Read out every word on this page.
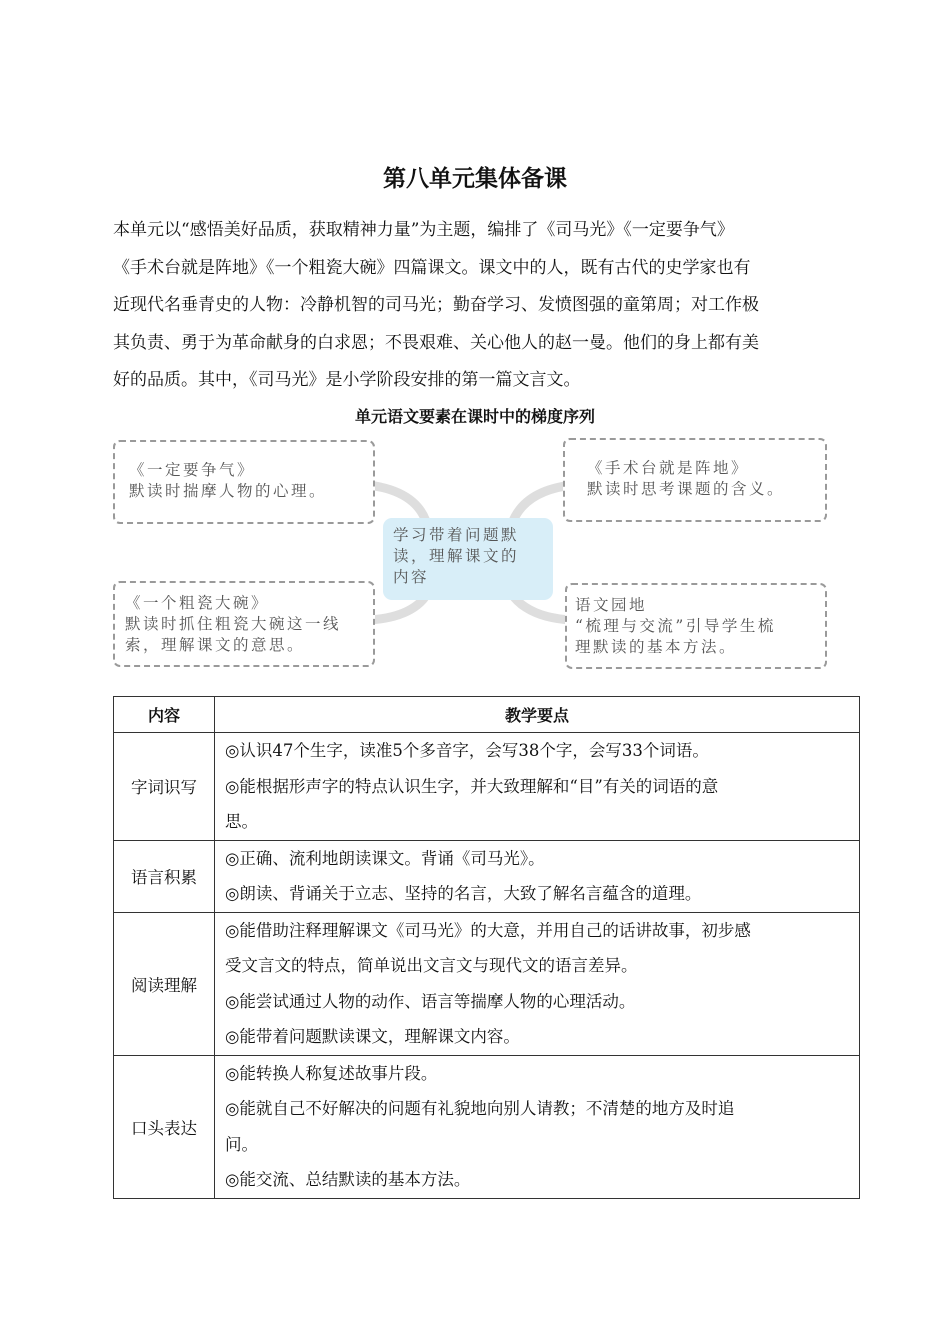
第八单元集体备课
本单元以“感悟美好品质，获取精神力量”为主题，编排了《司马光》《一定要争气》
《手术台就是阵地》《一个粗瓷大碗》四篇课文。课文中的人，既有古代的史学家也有
近现代名垂青史的人物：冷静机智的司马光；勤奋学习、发愤图强的童第周；对工作极
其负责、勇于为革命献身的白求恩；不畏艰难、关心他人的赵一曼。他们的身上都有美
好的品质。其中，《司马光》是小学阶段安排的第一篇文言文。
单元语文要素在课时中的梯度序列
《一定要争气》
默读时揣摩人物的心理。
《手术台就是阵地》
默读时思考课题的含义。
学习带着问题默
读，理解课文的
内容
《一个粗瓷大碗》
默读时抓住粗瓷大碗这一线
索，理解课文的意思。
语文园地
“梳理与交流”引导学生梳
理默读的基本方法。
内容	教学要点
字词识写	◎认识47个生字，读准5个多音字，会写38个字，会写33个词语。
◎能根据形声字的特点认识生字，并大致理解和“目”有关的词语的意
思。

语言积累	◎正确、流利地朗读课文。背诵《司马光》。
◎朗读、背诵关于立志、坚持的名言，大致了解名言蕴含的道理。

阅读理解	◎能借助注释理解课文《司马光》的大意，并用自己的话讲故事，初步感
受文言文的特点，简单说出文言文与现代文的语言差异。
◎能尝试通过人物的动作、语言等揣摩人物的心理活动。
◎能带着问题默读课文，理解课文内容。

口头表达	◎能转换人称复述故事片段。
◎能就自己不好解决的问题有礼貌地向别人请教；不清楚的地方及时追
问。
◎能交流、总结默读的基本方法。
